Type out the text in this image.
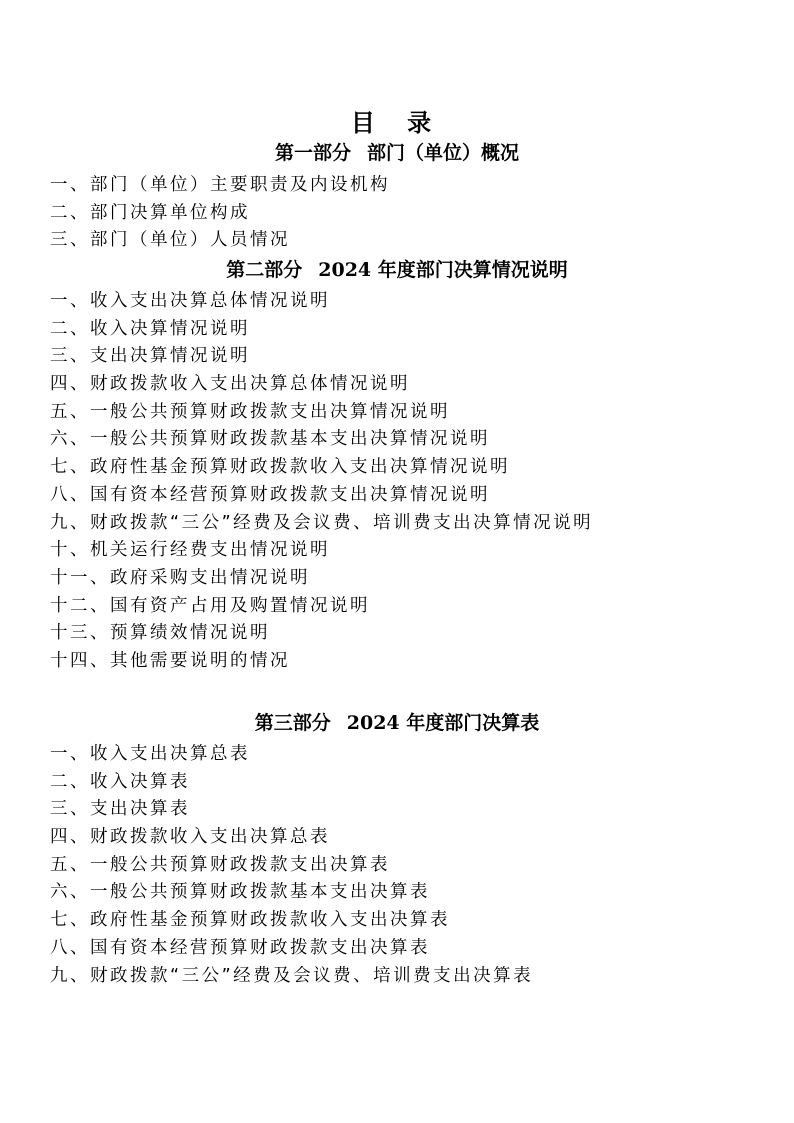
目 录
第一部分 部门（单位）概况
一、部门（单位）主要职责及内设机构
二、部门决算单位构成
三、部门（单位）人员情况
第二部分 2024 年度部门决算情况说明
一、收入支出决算总体情况说明
二、收入决算情况说明
三、支出决算情况说明
四、财政拨款收入支出决算总体情况说明
五、一般公共预算财政拨款支出决算情况说明
六、一般公共预算财政拨款基本支出决算情况说明
七、政府性基金预算财政拨款收入支出决算情况说明
八、国有资本经营预算财政拨款支出决算情况说明
九、财政拨款“三公”经费及会议费、培训费支出决算情况说明
十、机关运行经费支出情况说明
十一、政府采购支出情况说明
十二、国有资产占用及购置情况说明
十三、预算绩效情况说明
十四、其他需要说明的情况
第三部分 2024 年度部门决算表
一、收入支出决算总表
二、收入决算表
三、支出决算表
四、财政拨款收入支出决算总表
五、一般公共预算财政拨款支出决算表
六、一般公共预算财政拨款基本支出决算表
七、政府性基金预算财政拨款收入支出决算表
八、国有资本经营预算财政拨款支出决算表
九、财政拨款“三公”经费及会议费、培训费支出决算表
